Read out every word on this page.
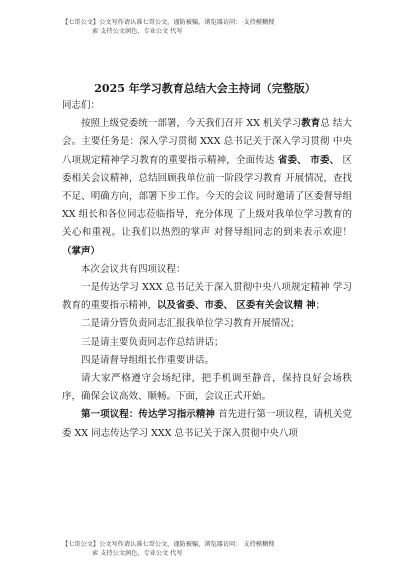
【七哥公文】公文写作请认准七哥公文，谨防被骗，浏览器访问： 支持模糊搜
索 支持公文润色，专业公文 代写
2025 年学习教育总结大会主持词（完整版）

同志们：

按照上级党委统一部署，今天我们召开 XX 机关学习教育总 结大会。主要任务是：深入学习贯彻 XXX 总书记关于深入学习贯彻 中央八项规定精神学习教育的重要指示精神，全面传达 省委、 市委、 区委相关会议精神，总结回顾我单位前一阶段学习教育 开展情况，查找不足、明确方向，部署下步工作。今天的会议 同时邀请了区委督导组 XX 组长和各位同志莅临指导，充分体现 了上级对我单位学习教育的关心和重视。让我们以热烈的掌声 对督导组同志的到来表示欢迎！（掌声）

本次会议共有四项议程：

一是传达学习 XXX 总书记关于深入贯彻中央八项规定精神 学习教育的重要指示精神，以及省委、市委、 区委有关会议精 神；

二是请分管负责同志汇报我单位学习教育开展情况；

三是请主要负责同志作总结讲话；

四是请督导组组长作重要讲话。

请大家严格遵守会场纪律，把手机调至静音，保持良好会场秩序，确保会议高效、顺畅。下面，会议正式开始。

第一项议程：传达学习指示精神 首先进行第一项议程，请机关党委 XX 同志传达学习 XXX 总书记关于深入贯彻中央八项

【七哥公文】公文写作请认准七哥公文，谨防被骗，浏览器访问： 支持模糊搜
索 支持公文润色，专业公文 代写
